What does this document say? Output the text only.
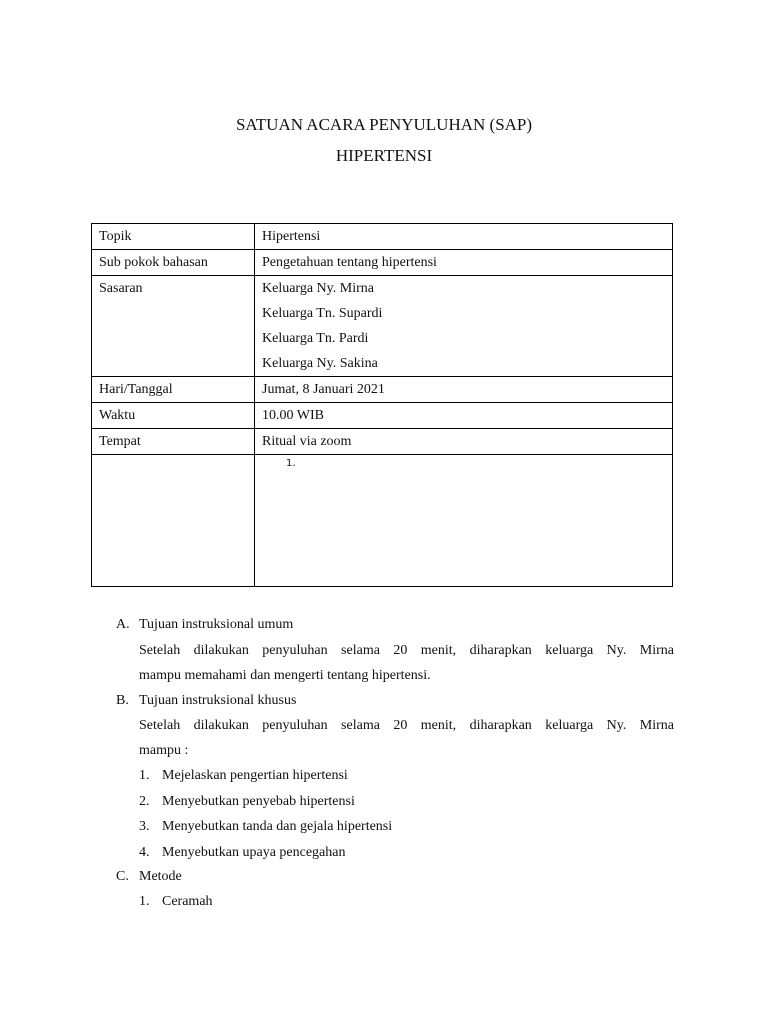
SATUAN ACARA PENYULUHAN (SAP)
HIPERTENSI
Topik	Hipertensi
Sub pokok bahasan	Pengetahuan tentang hipertensi
Sasaran	Keluarga Ny. Mirna
Keluarga Tn. Supardi
Keluarga Tn. Pardi
Keluarga Ny. Sakina

Hari/Tanggal	Jumat, 8 Januari 2021
Waktu	10.00 WIB
Tempat	Ritual via zoom

	1.
A. Tujuan instruksional umum
Setelah dilakukan penyuluhan selama 20 menit, diharapkan keluarga Ny. Mirna
mampu memahami dan mengerti tentang hipertensi.
B. Tujuan instruksional khusus
Setelah dilakukan penyuluhan selama 20 menit, diharapkan keluarga Ny. Mirna
mampu :
1. Mejelaskan pengertian hipertensi
2. Menyebutkan penyebab hipertensi
3. Menyebutkan tanda dan gejala hipertensi
4. Menyebutkan upaya pencegahan
C. Metode
1. Ceramah
